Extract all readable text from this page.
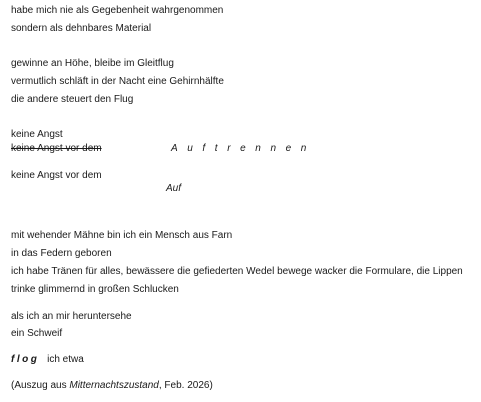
habe mich nie als Gegebenheit wahrgenommen
sondern als dehnbares Material
gewinne an Höhe, bleibe im Gleitflug
vermutlich schläft in der Nacht eine Gehirnhälfte
die andere steuert den Flug
keine Angst
keine Angst vor dem	Auftrennen
keine Angst vor dem
Auf
mit wehender Mähne bin ich ein Mensch aus Farn
in das Federn geboren
ich habe Tränen für alles, bewässere die gefiederten Wedel bewege wacker die Formulare, die Lippen
trinke glimmernd in großen Schlucken
als ich an mir heruntersehe
ein Schweif
flog ich etwa
(Auszug aus Mitternachtszustand, Feb. 2026)
